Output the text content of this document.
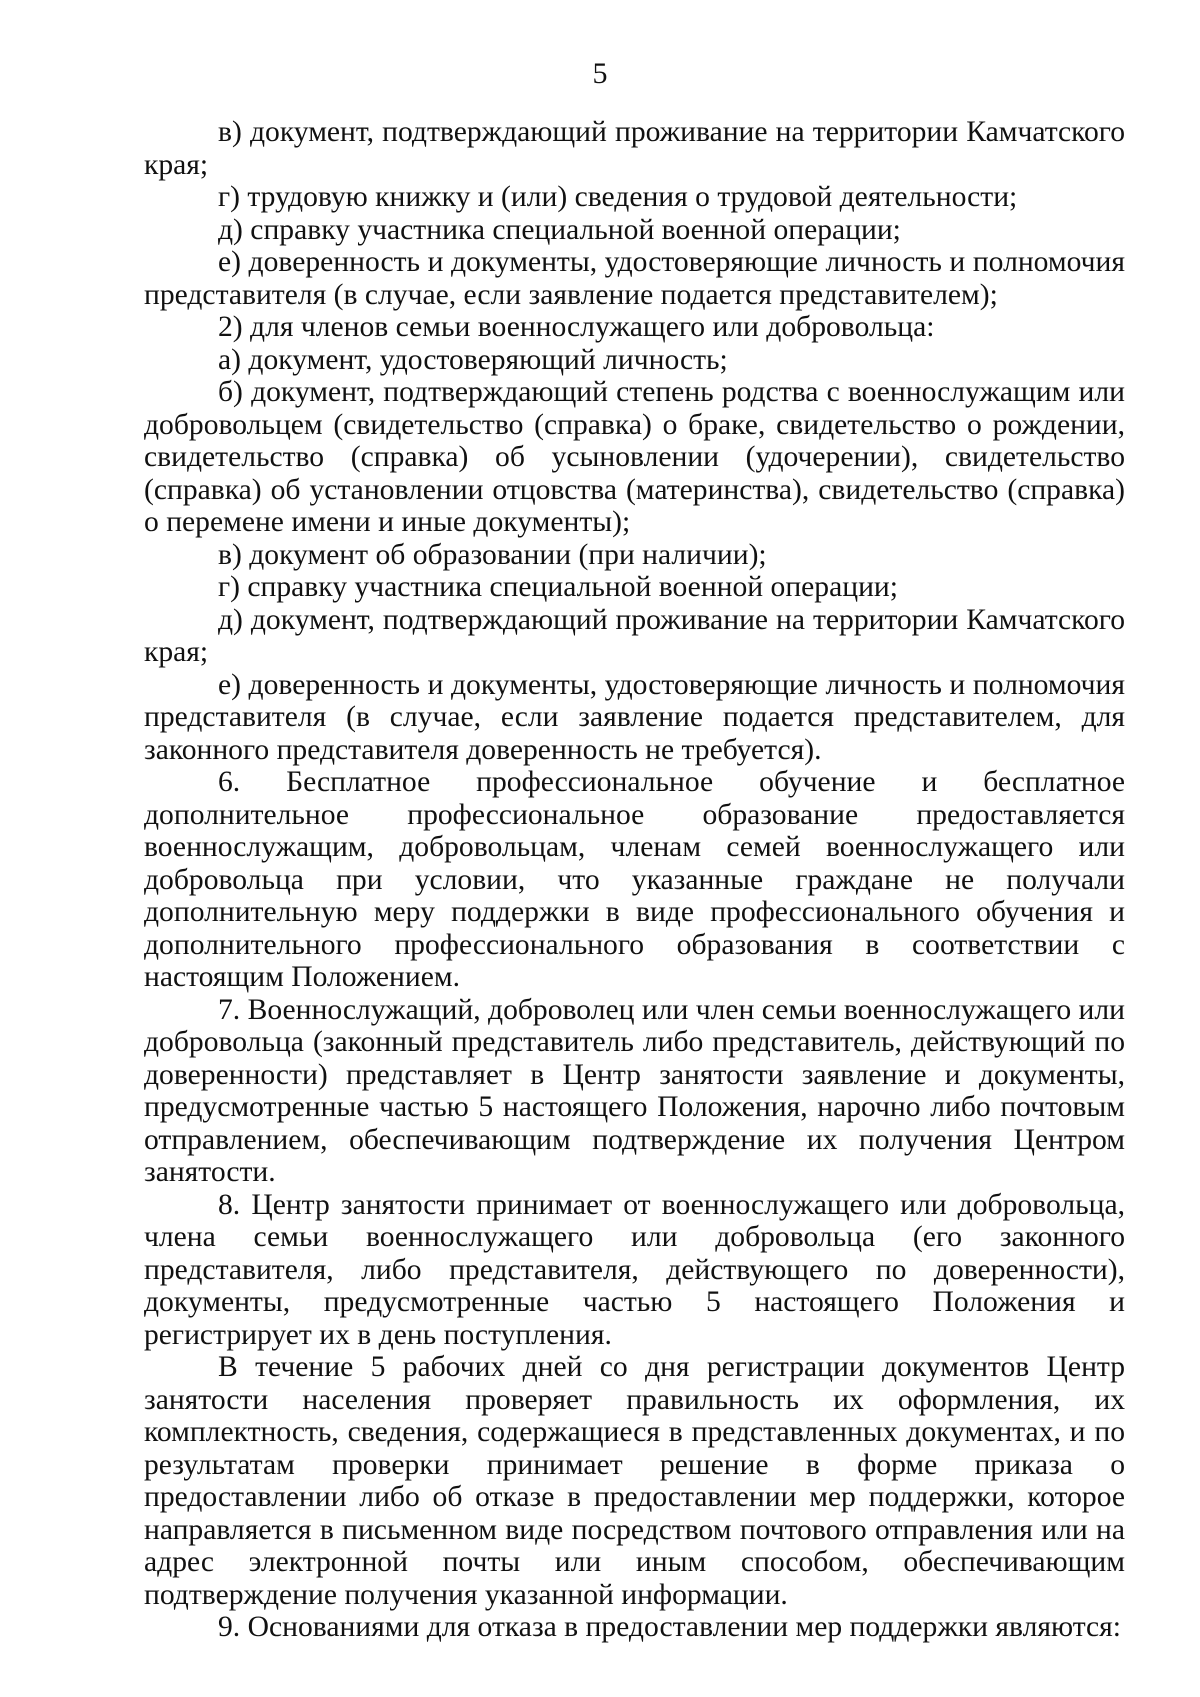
5

в) документ, подтверждающий проживание на территории Камчатского края;

г) трудовую книжку и (или) сведения о трудовой деятельности;

д) справку участника специальной военной операции;

е) доверенность и документы, удостоверяющие личность и полномочия представителя (в случае, если заявление подается представителем);

2) для членов семьи военнослужащего или добровольца:

а) документ, удостоверяющий личность;

б) документ, подтверждающий степень родства с военнослужащим или добровольцем (свидетельство (справка) о браке, свидетельство о рождении, свидетельство (справка) об усыновлении (удочерении), свидетельство (справка) об установлении отцовства (материнства), свидетельство (справка) о перемене имени и иные документы);

в) документ об образовании (при наличии);

г) справку участника специальной военной операции;

д) документ, подтверждающий проживание на территории Камчатского края;

е) доверенность и документы, удостоверяющие личность и полномочия представителя (в случае, если заявление подается представителем, для законного представителя доверенность не требуется).

6. Бесплатное профессиональное обучение и бесплатное дополнительное профессиональное образование предоставляется военнослужащим, добровольцам, членам семей военнослужащего или добровольца при условии, что указанные граждане не получали дополнительную меру поддержки в виде профессионального обучения и дополнительного профессионального образования в соответствии с настоящим Положением.

7. Военнослужащий, доброволец или член семьи военнослужащего или добровольца (законный представитель либо представитель, действующий по доверенности) представляет в Центр занятости заявление и документы, предусмотренные частью 5 настоящего Положения, нарочно либо почтовым отправлением, обеспечивающим подтверждение их получения Центром занятости.

8. Центр занятости принимает от военнослужащего или добровольца, члена семьи военнослужащего или добровольца (его законного представителя, либо представителя, действующего по доверенности), документы, предусмотренные частью 5 настоящего Положения и регистрирует их в день поступления.

В течение 5 рабочих дней со дня регистрации документов Центр занятости населения проверяет правильность их оформления, их комплектность, сведения, содержащиеся в представленных документах, и по результатам проверки принимает решение в форме приказа о предоставлении либо об отказе в предоставлении мер поддержки, которое направляется в письменном виде посредством почтового отправления или на адрес электронной почты или иным способом, обеспечивающим подтверждение получения указанной информации.

9. Основаниями для отказа в предоставлении мер поддержки являются:
